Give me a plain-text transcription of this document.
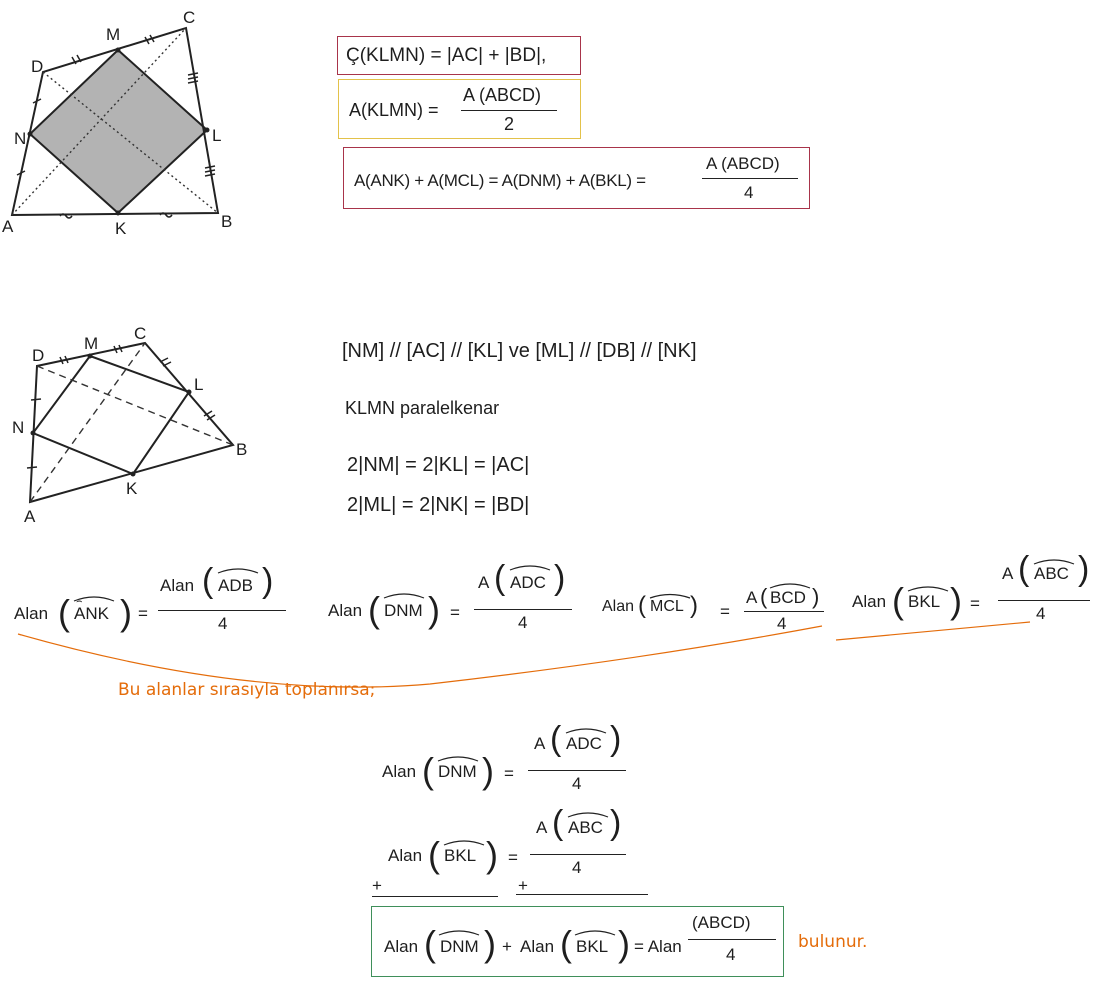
A	B
C
D
K
L
M
N
Ç(KLMN) = |AC| + |BD|,
A(KLMN) =
A (ABCD)
2
A(ANK) + A(MCL) = A(DNM) + A(BKL) =
A (ABCD)
4
A
B
C
D
K
L
M
N
[NM] // [AC] // [KL] ve [ML] // [DB] // [NK]
KLMN paralelkenar
2|NM| = 2|KL| = |AC|
2|ML| = 2|NK| = |BD|
Alan ( ⌢
ANK ) =
Alan ( ADB )
4
Alan ( DNM ) =
A ( ADC )
4
Alan ( MCL ) =
A ( BCD )
4
Alan ( BKL ) =
A ( ABC )
4
Bu alanlar sırasıyla toplanırsa;
Alan ( DNM ) =
A ( ADC )
4
Alan ( BKL ) =
A ( ABC )
4
+	+
Alan ( DNM ) + Alan ( BKL ) = Alan
(ABCD)
4
bulunur.
